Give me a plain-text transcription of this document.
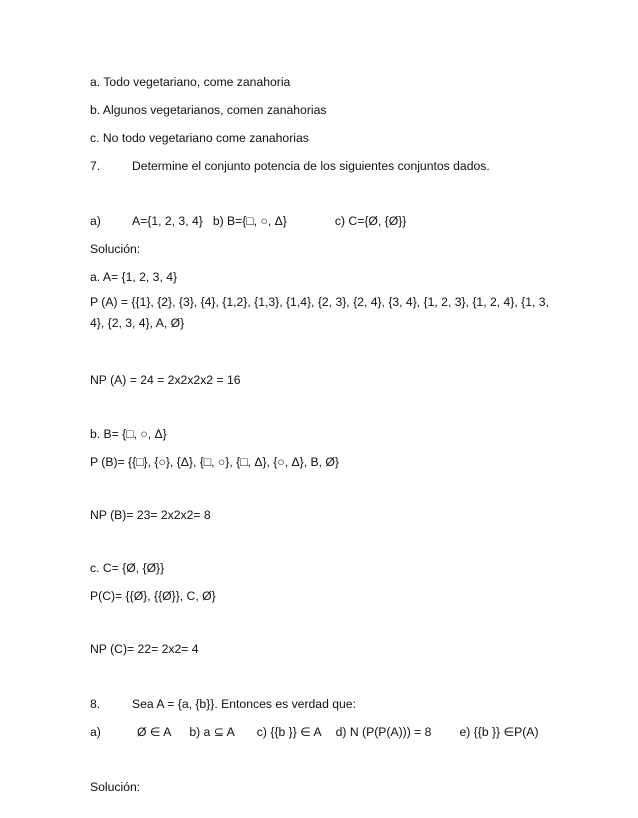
a. Todo vegetariano, come zanahoria
b. Algunos vegetarianos, comen zanahorias
c. No todo vegetariano come zanahorias
7.	Determine el conjunto potencia de los siguientes conjuntos dados.
a)	A={1, 2, 3, 4} b) B={□, ○, Δ}	c) C={Ø, {Ø}}
Solución:
a. A= {1, 2, 3, 4}
P (A) = {{1}, {2}, {3}, {4}, {1,2}, {1,3}, {1,4}, {2, 3}, {2, 4}, {3, 4}, {1, 2, 3}, {1, 2, 4}, {1, 3, 4}, {2, 3, 4}, A, Ø}
NP (A) = 24 = 2x2x2x2 = 16
b. B= {□, ○, Δ}
P (B)= {{□}, {○}, {Δ}, {□, ○}, {□, Δ}, {○, Δ}, B, Ø}
NP (B)= 23= 2x2x2= 8
c. C= {Ø, {Ø}}
P(C)= {{Ø}, {{Ø}}, C, Ø}
NP (C)= 22= 2x2= 4
8.	Sea A = {a, {b}}. Entonces es verdad que:
a)	Ø ∈ A b) a ⊆ A c) {{b }} ∈ A d) N (P(P(A))) = 8 e) {{b }} ∈P(A)
Solución:
